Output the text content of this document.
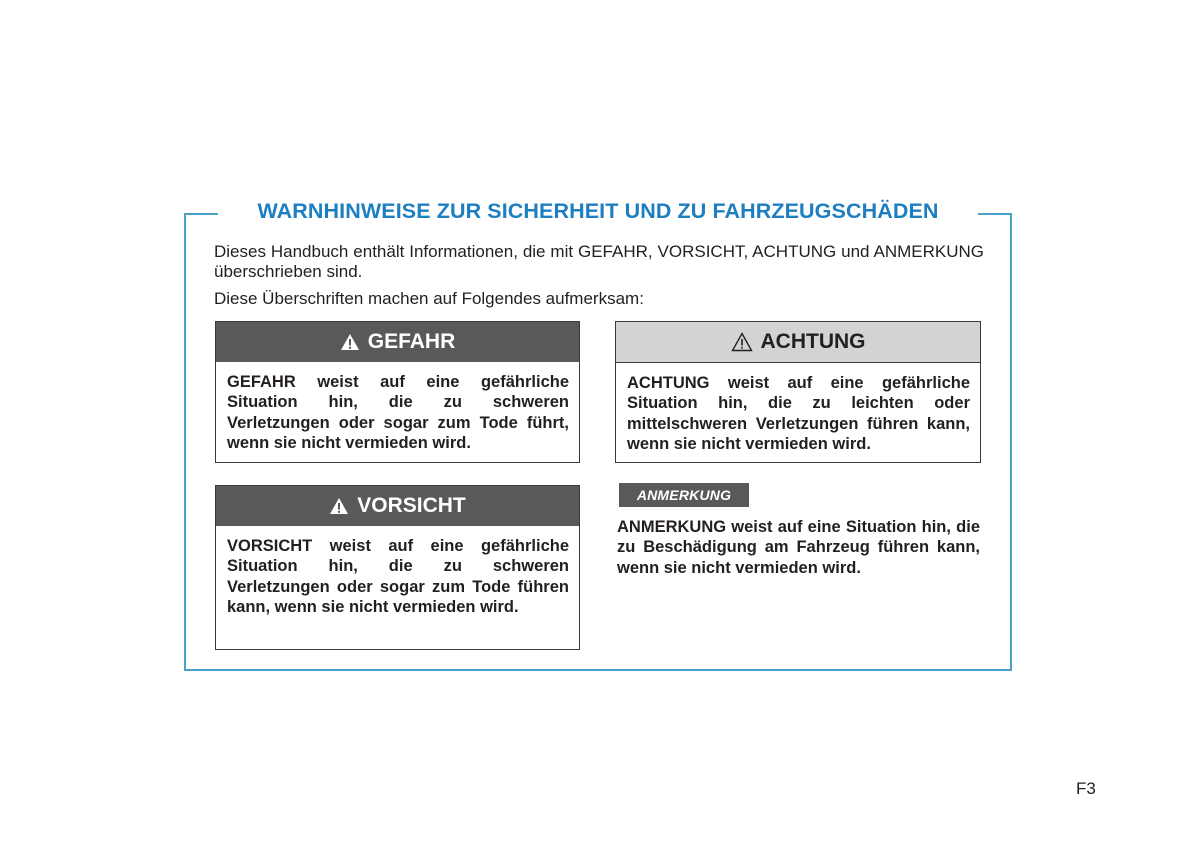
WARNHINWEISE ZUR SICHERHEIT UND ZU FAHRZEUGSCHÄDEN

Dieses Handbuch enthält Informationen, die mit GEFAHR, VORSICHT, ACHTUNG und ANMERKUNG überschrieben sind.

Diese Überschriften machen auf Folgendes aufmerksam:

GEFAHR

GEFAHR weist auf eine gefährliche Situation hin, die zu schweren Verletzungen oder sogar zum Tode führt, wenn sie nicht vermieden wird.

ACHTUNG

ACHTUNG weist auf eine gefährliche Situation hin, die zu leichten oder mittelschweren Verletzungen führen kann, wenn sie nicht vermieden wird.

VORSICHT

VORSICHT weist auf eine gefährliche Situation hin, die zu schweren Verletzungen oder sogar zum Tode führen kann, wenn sie nicht vermieden wird.

ANMERKUNG

ANMERKUNG weist auf eine Situation hin, die zu Beschädigung am Fahrzeug führen kann, wenn sie nicht vermieden wird.

F3
